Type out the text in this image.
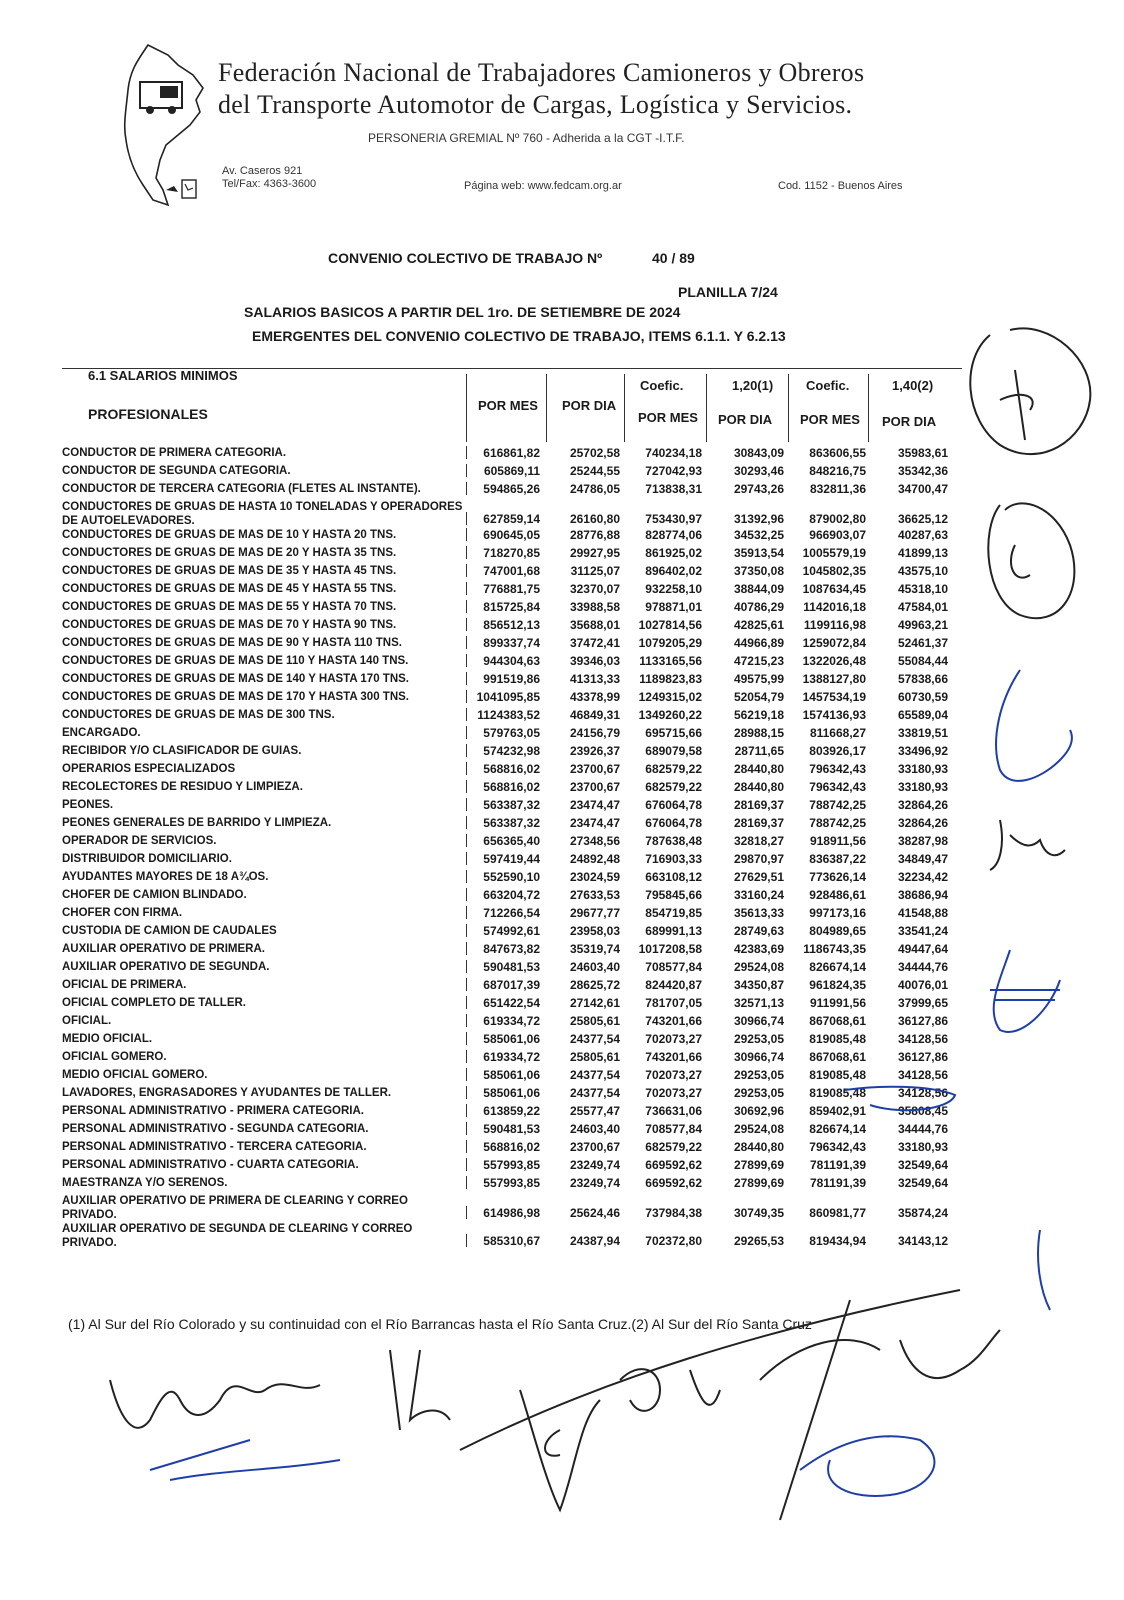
Federación Nacional de Trabajadores Camioneros y Obreros
del Transporte Automotor de Cargas, Logística y Servicios.
PERSONERIA GREMIAL Nº 760 - Adherida a la CGT -I.T.F.
Av. Caseros 921
Tel/Fax: 4363-3600	Página web: www.fedcam.org.ar	Cod. 1152 - Buenos Aires
CONVENIO COLECTIVO DE TRABAJO Nº	40 / 89
PLANILLA 7/24
SALARIOS BASICOS A PARTIR DEL 1ro. DE SETIEMBRE DE 2024
EMERGENTES DEL CONVENIO COLECTIVO DE TRABAJO, ITEMS 6.1.1. Y 6.2.13
6.1 SALARIOS MINIMOS
PROFESIONALES
POR MES POR DIA
Coefic.	1,20(1)	Coefic.	1,40(2)
POR MES POR DIA POR MES POR DIA
CONDUCTOR DE PRIMERA CATEGORIA.	616861,82 25702,58 740234,18	30843,09 863606,55	35983,61
CONDUCTOR DE SEGUNDA CATEGORIA.	605869,11 25244,55 727042,93	30293,46 848216,75	35342,36
CONDUCTOR DE TERCERA CATEGORIA (FLETES AL INSTANTE).	594865,26 24786,05 713838,31	29743,26 832811,36	34700,47
CONDUCTORES DE GRUAS DE HASTA 10 TONELADAS Y OPERADORES DE AUTOELEVADORES.	627859,14 26160,80 753430,97	31392,96 879002,80	36625,12
CONDUCTORES DE GRUAS DE MAS DE 10 Y HASTA 20 TNS.	690645,05 28776,88 828774,06	34532,25 966903,07	40287,63
CONDUCTORES DE GRUAS DE MAS DE 20 Y HASTA 35 TNS.	718270,85 29927,95 861925,02	35913,54 1005579,19	41899,13
CONDUCTORES DE GRUAS DE MAS DE 35 Y HASTA 45 TNS.	747001,68	31125,07 896402,02	37350,08 1045802,35	43575,10
CONDUCTORES DE GRUAS DE MAS DE 45 Y HASTA 55 TNS.	776881,75 32370,07 932258,10	38844,09 1087634,45	45318,10
CONDUCTORES DE GRUAS DE MAS DE 55 Y HASTA 70 TNS.	815725,84 33988,58 978871,01	40786,29 1142016,18	47584,01
CONDUCTORES DE GRUAS DE MAS DE 70 Y HASTA 90 TNS.	856512,13 35688,01 1027814,56	42825,61 1199116,98	49963,21
CONDUCTORES DE GRUAS DE MAS DE 90 Y HASTA 110 TNS.	899337,74 37472,41 1079205,29	44966,89 1259072,84	52461,37
CONDUCTORES DE GRUAS DE MAS DE 110 Y HASTA 140 TNS.	944304,63 39346,03 1133165,56	47215,23 1322026,48	55084,44
CONDUCTORES DE GRUAS DE MAS DE 140 Y HASTA 170 TNS.	991519,86 41313,33 1189823,83	49575,99 1388127,80	57838,66
CONDUCTORES DE GRUAS DE MAS DE 170 Y HASTA 300 TNS.	1041095,85 43378,99 1249315,02	52054,79 1457534,19	60730,59
CONDUCTORES DE GRUAS DE MAS DE 300 TNS.	1124383,52 46849,31 1349260,22	56219,18 1574136,93	65589,04
ENCARGADO.	579763,05 24156,79 695715,66	28988,15 811668,27	33819,51
RECIBIDOR Y/O CLASIFICADOR DE GUIAS.	574232,98 23926,37 689079,58	28711,65 803926,17	33496,92
OPERARIOS ESPECIALIZADOS	568816,02 23700,67 682579,22	28440,80 796342,43	33180,93
RECOLECTORES DE RESIDUO Y LIMPIEZA.	568816,02 23700,67 682579,22	28440,80 796342,43	33180,93
PEONES.	563387,32 23474,47 676064,78	28169,37 788742,25	32864,26
PEONES GENERALES DE BARRIDO Y LIMPIEZA.	563387,32 23474,47 676064,78	28169,37 788742,25	32864,26
OPERADOR DE SERVICIOS.	656365,40 27348,56 787638,48	32818,27 918911,56	38287,98
DISTRIBUIDOR DOMICILIARIO.	597419,44 24892,48 716903,33	29870,97 836387,22	34849,47
AYUDANTES MAYORES DE 18 A¾OS.	552590,10 23024,59 663108,12	27629,51 773626,14	32234,42
CHOFER DE CAMION BLINDADO.	663204,72 27633,53 795845,66	33160,24 928486,61	38686,94
CHOFER CON FIRMA.	712266,54 29677,77 854719,85	35613,33 997173,16	41548,88
CUSTODIA DE CAMION DE CAUDALES	574992,61 23958,03 689991,13	28749,63 804989,65	33541,24
AUXILIAR OPERATIVO DE PRIMERA.	847673,82 35319,74 1017208,58	42383,69 1186743,35	49447,64
AUXILIAR OPERATIVO DE SEGUNDA.	590481,53 24603,40 708577,84	29524,08 826674,14	34444,76
OFICIAL DE PRIMERA.	687017,39 28625,72 824420,87	34350,87 961824,35	40076,01
OFICIAL COMPLETO DE TALLER.	651422,54 27142,61 781707,05	32571,13 911991,56	37999,65
OFICIAL.	619334,72 25805,61 743201,66	30966,74 867068,61	36127,86
MEDIO OFICIAL.	585061,06 24377,54 702073,27	29253,05 819085,48	34128,56
OFICIAL GOMERO.	619334,72 25805,61 743201,66	30966,74 867068,61	36127,86
MEDIO OFICIAL GOMERO.	585061,06 24377,54 702073,27	29253,05 819085,48	34128,56
LAVADORES, ENGRASADORES Y AYUDANTES DE TALLER.	585061,06 24377,54 702073,27	29253,05 819085,48	34128,56
PERSONAL ADMINISTRATIVO - PRIMERA CATEGORIA.	613859,22 25577,47 736631,06	30692,96 859402,91	35808,45
PERSONAL ADMINISTRATIVO - SEGUNDA CATEGORIA.	590481,53 24603,40 708577,84	29524,08 826674,14	34444,76
PERSONAL ADMINISTRATIVO - TERCERA CATEGORIA.	568816,02 23700,67 682579,22	28440,80 796342,43	33180,93
PERSONAL ADMINISTRATIVO - CUARTA CATEGORIA.	557993,85 23249,74 669592,62	27899,69 781191,39	32549,64
MAESTRANZA Y/O SERENOS.	557993,85 23249,74 669592,62	27899,69 781191,39	32549,64
AUXILIAR OPERATIVO DE PRIMERA DE CLEARING Y CORREO PRIVADO.	614986,98 25624,46 737984,38	30749,35 860981,77	35874,24
AUXILIAR OPERATIVO DE SEGUNDA DE CLEARING Y CORREO PRIVADO.	585310,67 24387,94 702372,80	29265,53 819434,94	34143,12
(1) Al Sur del Río Colorado y su continuidad con el Río Barrancas hasta el Río Santa Cruz.(2) Al Sur del Río Santa Cruz
